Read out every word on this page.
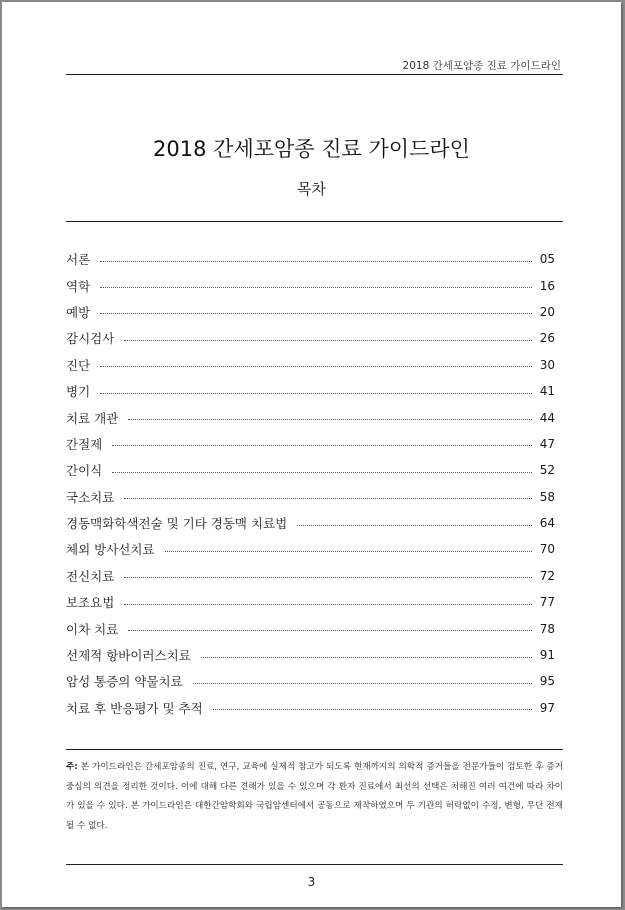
2018 간세포암종 진료 가이드라인
2018 간세포암종 진료 가이드라인
목차
서론	05
역학	16
예방	20
감시검사	26
진단	30
병기	41
치료 개관	44
간절제	47
간이식	52
국소치료	58
경동맥화학색전술 및 기타 경동맥 치료법	64
체외 방사선치료	70
전신치료	72
보조요법	77
이차 치료	78
선제적 항바이러스치료	91
암성 통증의 약물치료	95
치료 후 반응평가 및 추적	97
주: 본 가이드라인은 간세포암종의 진료, 연구, 교육에 실제적 참고가 되도록 현재까지의 의학적 증거들을 전문가들이 검토한 후 증거중심의 의견을 정리한 것이다. 이에 대해 다른 견해가 있을 수 있으며 각 환자 진료에서 최선의 선택은 처해진 여러 여건에 따라 차이가 있을 수 있다. 본 가이드라인은 대한간암학회와 국립암센터에서 공동으로 제작하였으며 두 기관의 허락없이 수정, 변형, 무단 전재될 수 없다.
3
